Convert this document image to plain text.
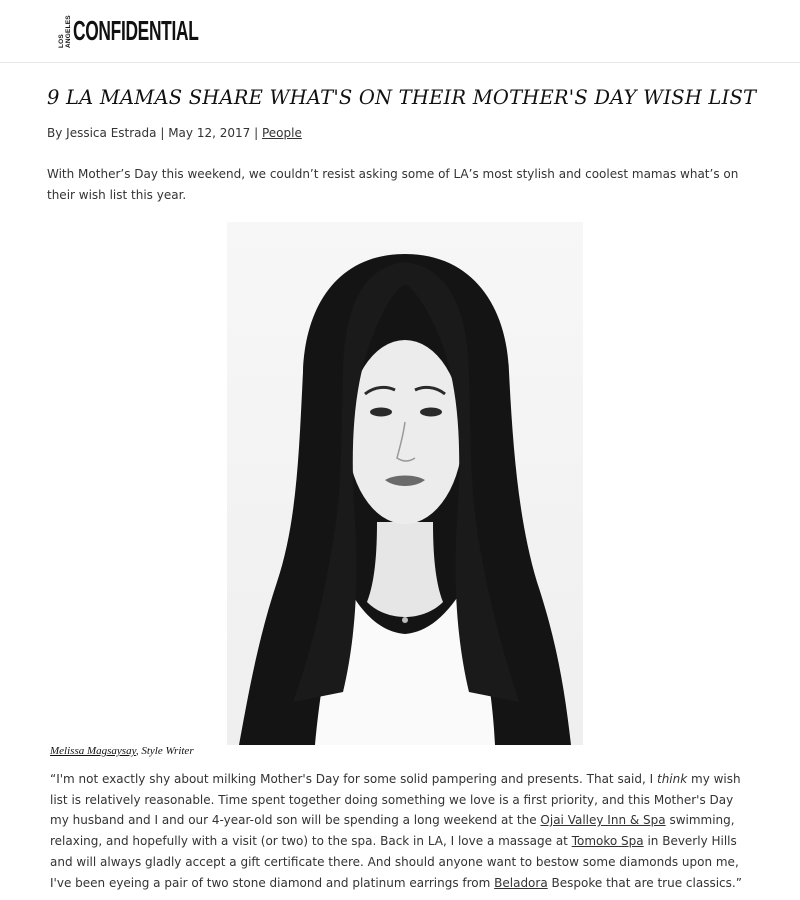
LOS ANGELES CONFIDENTIAL
9 LA MAMAS SHARE WHAT'S ON THEIR MOTHER'S DAY WISH LIST
By Jessica Estrada | May 12, 2017 | People

With Mother’s Day this weekend, we couldn’t resist asking some of LA’s most stylish and coolest mamas what’s on their wish list this year.

Melissa Magsaysay, Style Writer

“I'm not exactly shy about milking Mother's Day for some solid pampering and presents. That said, I think my wish list is relatively reasonable. Time spent together doing something we love is a first priority, and this Mother's Day my husband and I and our 4-year-old son will be spending a long weekend at the Ojai Valley Inn & Spa swimming, relaxing, and hopefully with a visit (or two) to the spa. Back in LA, I love a massage at Tomoko Spa in Beverly Hills and will always gladly accept a gift certificate there. And should anyone want to bestow some diamonds upon me, I've been eyeing a pair of two stone diamond and platinum earrings from Beladora Bespoke that are true classics.”
